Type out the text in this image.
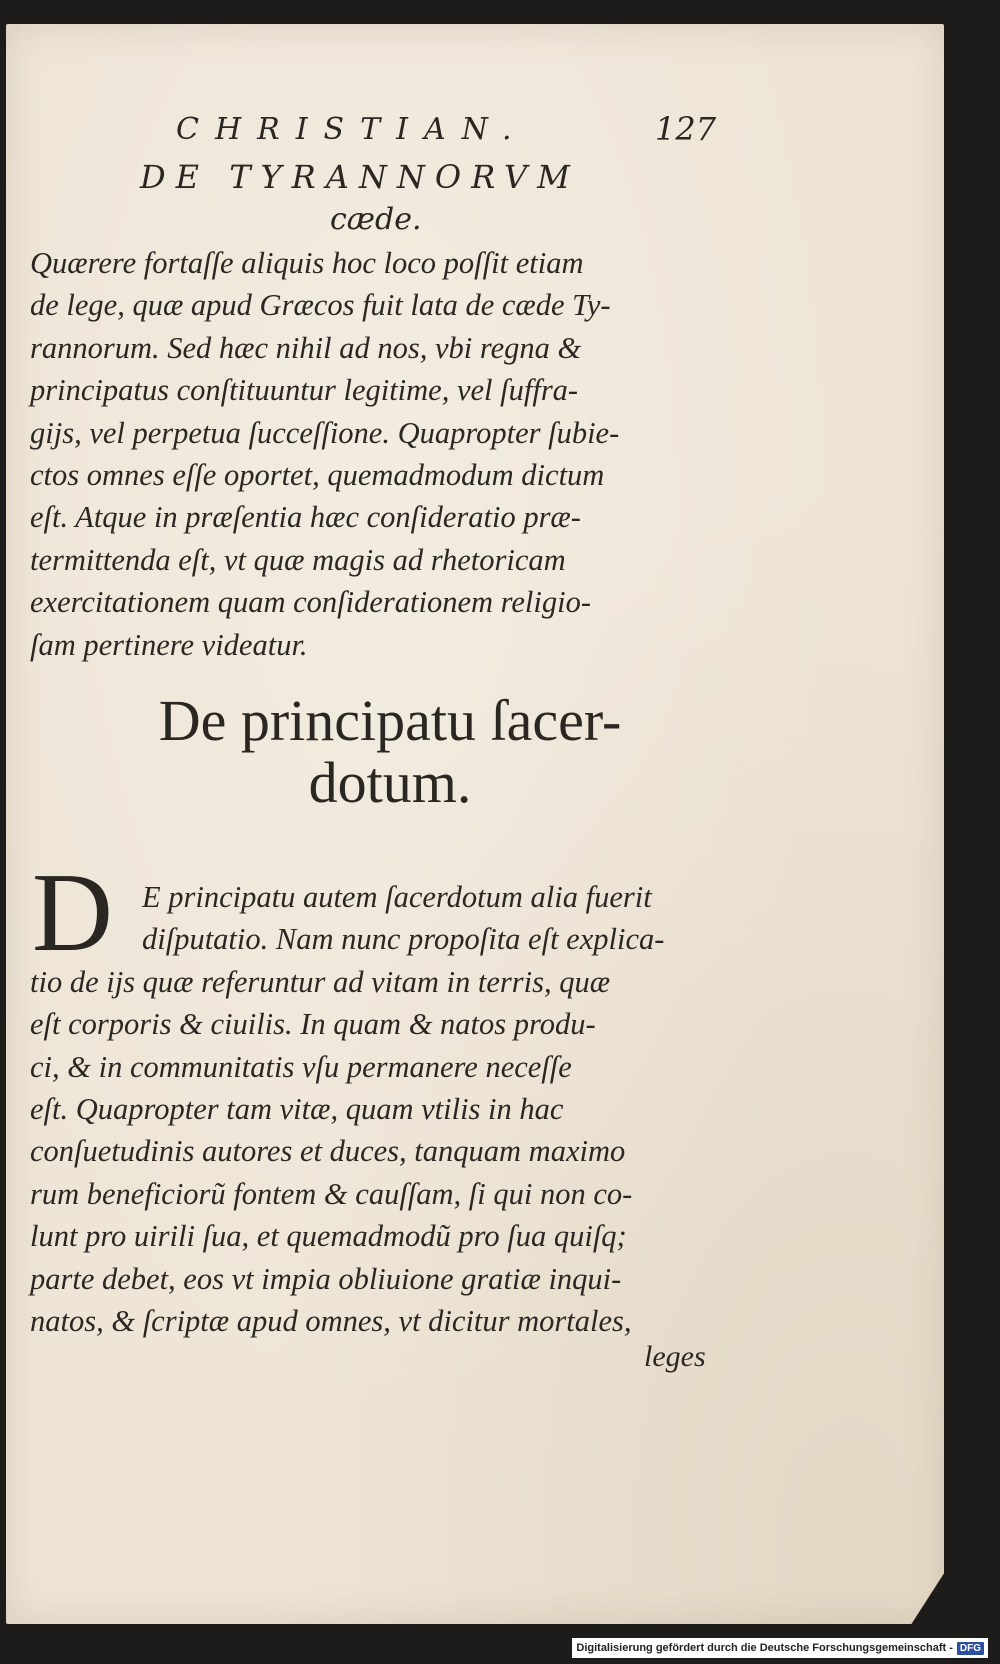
CHRISTIAN.	127
DE TYRANNORVM
cæde.
Quærere fortaſſe aliquis hoc loco poſſit etiam
de lege, quæ apud Græcos fuit lata de cæde Ty-
rannorum. Sed hæc nihil ad nos, vbi regna &
principatus conſtituuntur legitime, vel ſuffra-
gijs, vel perpetua ſucceſſione. Quapropter ſubie-
ctos omnes eſſe oportet, quemadmodum dictum
eſt. Atque in præſentia hæc conſideratio præ-
termittenda eſt, vt quæ magis ad rhetoricam
exercitationem quam conſiderationem religio-
ſam pertinere videatur.
De principatu ſacer-
dotum.
D E principatu autem ſacerdotum alia fuerit
diſputatio. Nam nunc propoſita eſt explica-
tio de ijs quæ referuntur ad vitam in terris, quæ
eſt corporis & ciuilis. In quam & natos produ-
ci, & in communitatis vſu permanere neceſſe
eſt. Quapropter tam vitæ, quam vtilis in hac
conſuetudinis autores et duces, tanquam maximo
rum beneficiorũ fontem & cauſſam, ſi qui non co-
lunt pro uirili ſua, et quemadmodũ pro ſua quiſq;
parte debet, eos vt impia obliuione gratiæ inqui-
natos, & ſcriptæ apud omnes, vt dicitur mortales,
leges
Digitalisierung gefördert durch die Deutsche Forschungsgemeinschaft - DFG
